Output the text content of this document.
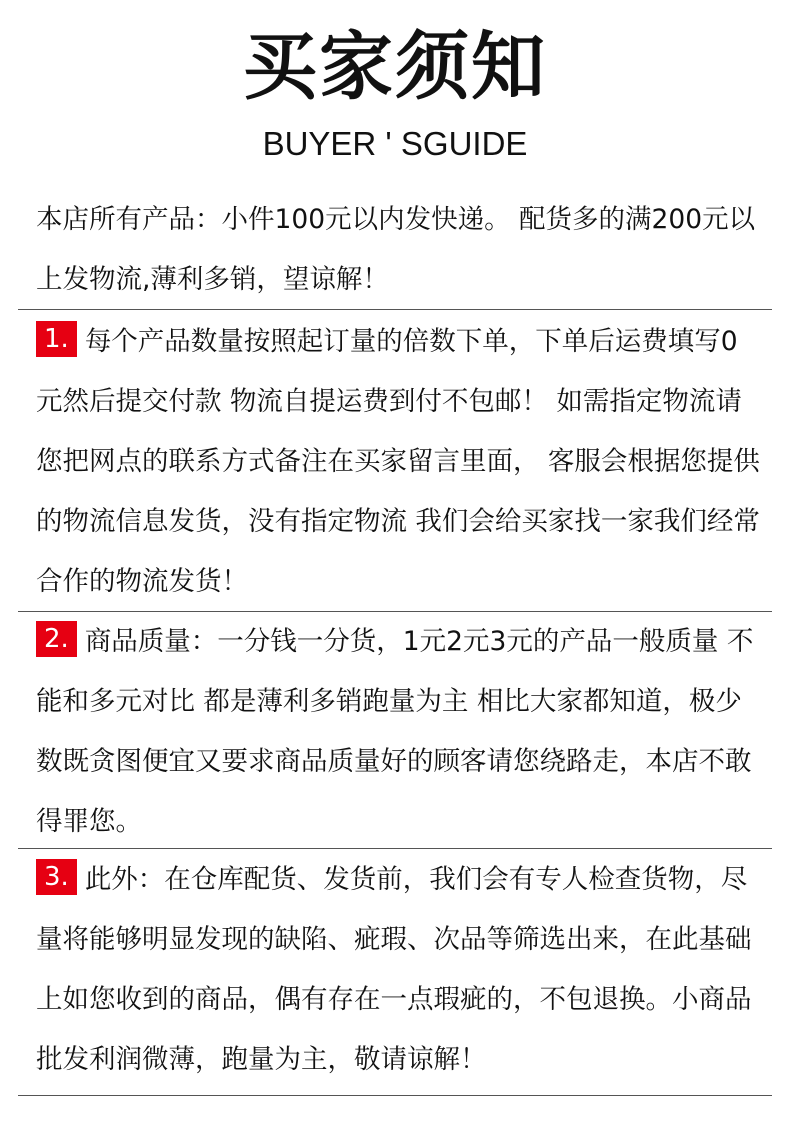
买家须知
BUYER ' SGUIDE

本店所有产品：小件100元以内发快递。 配货多的满200元以上发物流,薄利多销，望谅解！

1. 每个产品数量按照起订量的倍数下单，下单后运费填写0元然后提交付款 物流自提运费到付不包邮！ 如需指定物流请您把网点的联系方式备注在买家留言里面， 客服会根据您提供的物流信息发货，没有指定物流 我们会给买家找一家我们经常合作的物流发货！

2. 商品质量：一分钱一分货，1元2元3元的产品一般质量 不能和多元对比 都是薄利多销跑量为主 相比大家都知道，极少数既贪图便宜又要求商品质量好的顾客请您绕路走，本店不敢得罪您。

3. 此外：在仓库配货、发货前，我们会有专人检查货物，尽量将能够明显发现的缺陷、疵瑕、次品等筛选出来，在此基础上如您收到的商品，偶有存在一点瑕疵的，不包退换。小商品批发利润微薄，跑量为主，敬请谅解！
